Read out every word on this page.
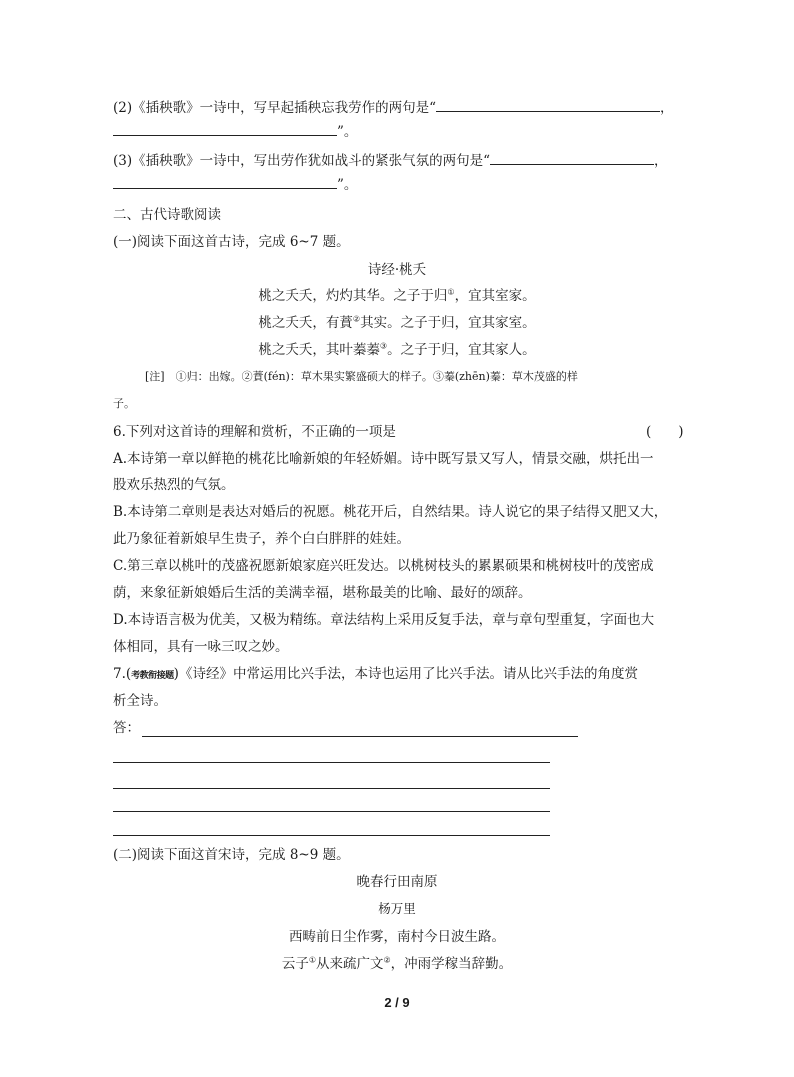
(2)《插秧歌》一诗中，写早起插秧忘我劳作的两句是“	，
”。
(3)《插秧歌》一诗中，写出劳作犹如战斗的紧张气氛的两句是“	，
”。
二、古代诗歌阅读
(一)阅读下面这首古诗，完成 6~7 题。
诗经·桃夭
桃之夭夭，灼灼其华。之子于归①，宜其室家。
桃之夭夭，有蕡②其实。之子于归，宜其家室。
桃之夭夭，其叶蓁蓁③。之子于归，宜其家人。
[注]　①归：出嫁。②蕡(fén)：草木果实繁盛硕大的样子。③蓁(zhēn)蓁：草木茂盛的样
子。
6.下列对这首诗的理解和赏析，不正确的一项是	(　　)
A.本诗第一章以鲜艳的桃花比喻新娘的年轻娇媚。诗中既写景又写人，情景交融，烘托出一
股欢乐热烈的气氛。
B.本诗第二章则是表达对婚后的祝愿。桃花开后，自然结果。诗人说它的果子结得又肥又大，
此乃象征着新娘早生贵子，养个白白胖胖的娃娃。
C.第三章以桃叶的茂盛祝愿新娘家庭兴旺发达。以桃树枝头的累累硕果和桃树枝叶的茂密成
荫，来象征新娘婚后生活的美满幸福，堪称最美的比喻、最好的颂辞。
D.本诗语言极为优美，又极为精练。章法结构上采用反复手法，章与章句型重复，字面也大
体相同，具有一咏三叹之妙。
7.(考教衔接题)《诗经》中常运用比兴手法，本诗也运用了比兴手法。请从比兴手法的角度赏
析全诗。
答：
(二)阅读下面这首宋诗，完成 8~9 题。
晚春行田南原
杨万里
西畴前日尘作雾，南村今日波生路。
云子①从来疏广文②，冲雨学稼当辞勤。
2 / 9
